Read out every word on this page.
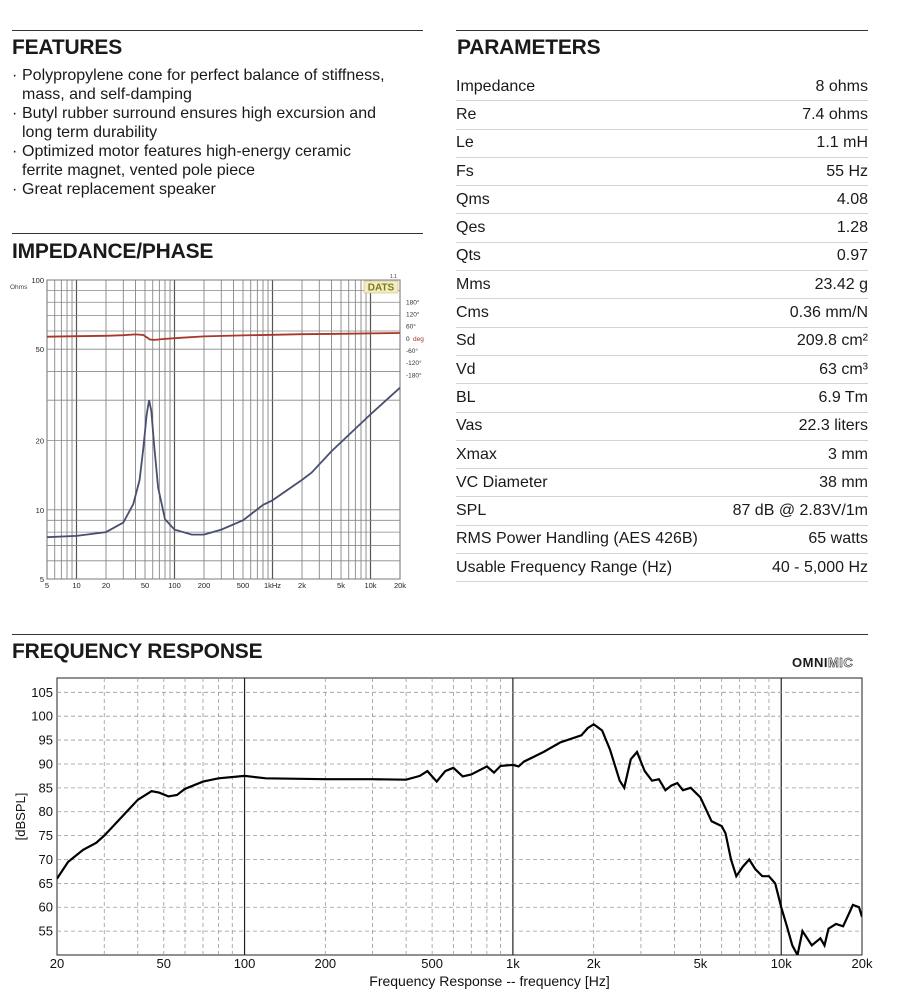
FEATURES
· Polypropylene cone for perfect balance of stiffness,
mass, and self-damping
· Butyl rubber surround ensures high excursion and
long term durability
· Optimized motor features high-energy ceramic
ferrite magnet, vented pole piece
· Great replacement speaker
PARAMETERS
Impedance	8 ohms
Re	7.4 ohms
Le	1.1 mH
Fs	55 Hz
Qms	4.08
Qes	1.28
Qts	0.97
Mms	23.42 g
Cms	0.36 mm/N
Sd	209.8 cm²
Vd	63 cm³
BL	6.9 Tm
Vas	22.3 liters
Xmax	3 mm
VC Diameter	38 mm
SPL	87 dB @ 2.83V/1m
RMS Power Handling (AES 426B)	65 watts
Usable Frequency Range (Hz)	40 - 5,000 Hz
IMPEDANCE/PHASE
5	10	20	50	100 200	500 1kHz 2k	5k	10k 20k
5
10
20
50
100
Ohms
180°
120°
60°
0
-60°
-120°
-180°
deg
1.1
DATS
FREQUENCY RESPONSE	OMNIMIC
55
60
65
70
75
80
85
90
95
100
105
20	50	100	200	500	1k	2k	5k	10k	20k
Frequency Response -- frequency [Hz]
[dBSPL]
